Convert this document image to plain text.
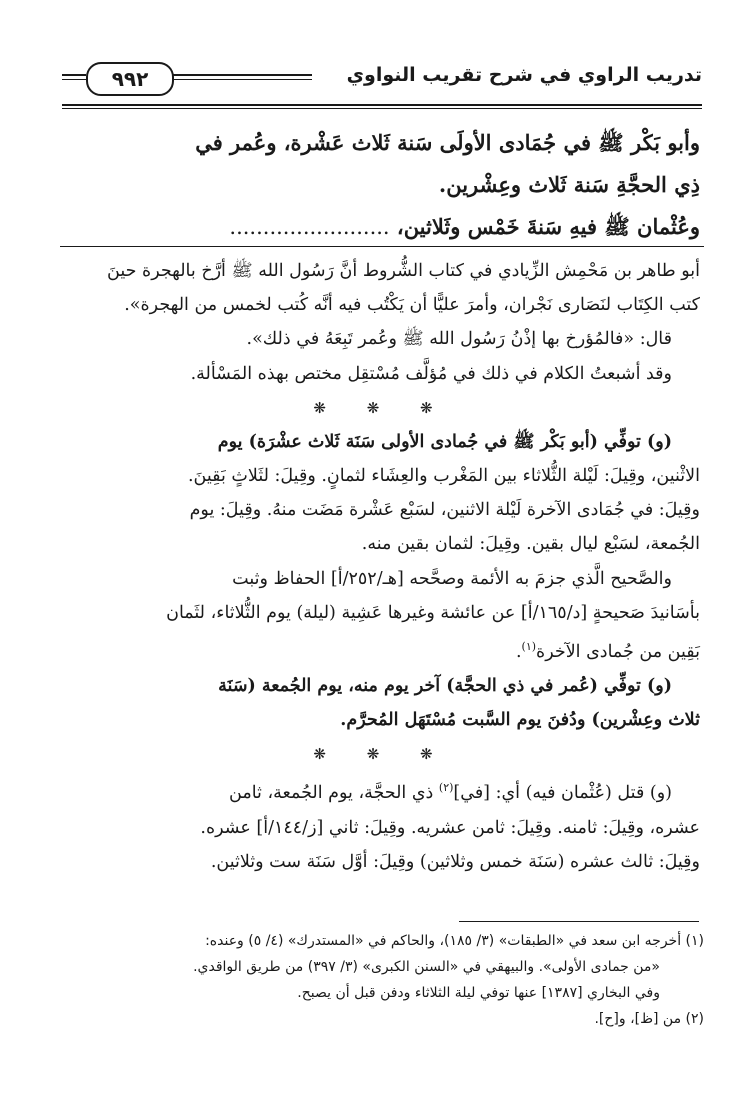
تدريب الراوي في شرح تقريب النواوي
٩٩٢

وأبو بَكْر ﷺ في جُمَادى الأولَى سَنة ثَلاث عَشْرة، وعُمر في

ذِي الحجَّةِ سَنة ثَلاث وعِشْرين.

وعُثْمان ﷺ فيهِ سَنةَ خَمْس وثَلاثين، ........................

أبو طاهر بن مَحْمِش الزِّيادي في كتاب الشُّروط أنَّ رَسُول الله ﷺ أرَّخ بالهجرة حينَ

كتب الكِتَاب لنَصَارى نَجْران، وأمرَ عليًّا أن يَكْتُب فيه أنَّه كُتب لخمس من الهجرة».

قال: «فالمُؤرخ بها إذْنُ رَسُول الله ﷺ وعُمر تَبِعَهُ في ذلك».

وقد أشبعتُ الكلام في ذلك في مُؤلَّف مُسْتقِل مختص بهذه المَسْألة.

❋ ❋ ❋

(و) توفِّي (أبو بَكْر ﷺ في جُمادى الأولى سَنَة ثَلاث عشْرَة) يوم

الاثْنين، وقِيلَ: لَيْلة الثُّلاثاء بين المَغْرب والعِشَاء لثمانٍ. وقِيلَ: لثَلاثٍ بَقِينَ.

وقِيلَ: في جُمَادى الآخرة لَيْلة الاثنين، لسَبْع عَشْرة مَضَت منهُ. وقِيلَ: يوم

الجُمعة، لسَبْع ليال بقين. وقِيلَ: لثمان بقين منه.

والصَّحيح الَّذي جزمَ به الأئمة وصحَّحه [هـ/٢٥٢/أ] الحفاظ وثبت

بأسَانيدَ صَحيحةٍ [د/١٦٥/أ] عن عائشة وغيرها عَشِية (ليلة) يوم الثُّلاثاء، لثَمان

بَقِين من جُمادى الآخرة$^{(١)}$.

(و) توفِّي (عُمر في ذي الحجَّة) آخر يوم منه، يوم الجُمعة (سَنَة

ثلاث وعِشْرين) ودُفنَ يوم السَّبت مُسْتَهَل المُحرَّم.

❋ ❋ ❋

(و) قتل (عُثْمان فيه) أي: [في]$^{(٢)}$ ذي الحجَّة، يوم الجُمعة، ثامن

عشره، وقِيلَ: ثامنه. وقِيلَ: ثامن عشريه. وقِيلَ: ثاني [ز/١٤٤/أ] عشره.

وقِيلَ: ثالث عشره (سَنَة خمس وثلاثين) وقِيلَ: أوَّل سَنَة ست وثلاثين.

(١) أخرجه ابن سعد في «الطبقات» (٣/ ١٨٥)، والحاكم في «المستدرك» (٤/ ٥) وعنده:

«من جمادى الأولى». والبيهقي في «السنن الكبرى» (٣/ ٣٩٧) من طريق الواقدي.

وفي البخاري [١٣٨٧] عنها توفي ليلة الثلاثاء ودفن قبل أن يصبح.

(٢) من [ظ]، و[ح].
